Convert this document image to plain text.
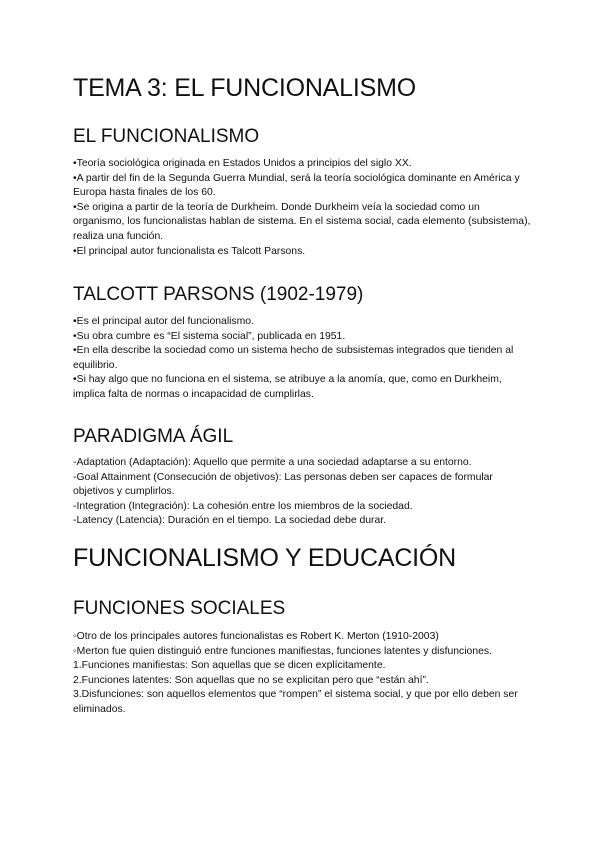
TEMA 3: EL FUNCIONALISMO
EL FUNCIONALISMO

•Teoría sociológica originada en Estados Unidos a principios del siglo XX.

•A partir del fin de la Segunda Guerra Mundial, será la teoría sociológica dominante en América y Europa hasta finales de los 60.

•Se origina a partir de la teoría de Durkheim. Donde Durkheim veía la sociedad como un organismo, los funcionalistas hablan de sistema. En el sistema social, cada elemento (subsistema), realiza una función.

•El principal autor funcionalista es Talcott Parsons.

TALCOTT PARSONS (1902-1979)

•Es el principal autor del funcionalismo.

•Su obra cumbre es “El sistema social”, publicada en 1951.

•En ella describe la sociedad como un sistema hecho de subsistemas integrados que tienden al equilibrio.

•Si hay algo que no funciona en el sistema, se atribuye a la anomía, que, como en Durkheim, implica falta de normas o incapacidad de cumplirlas.

PARADIGMA ÁGIL

-Adaptation (Adaptación): Aquello que permite a una sociedad adaptarse a su entorno.

-Goal Attainment (Consecución de objetivos): Las personas deben ser capaces de formular objetivos y cumplirlos.

-Integration (Integración): La cohesión entre los miembros de la sociedad.

-Latency (Latencia): Duración en el tiempo. La sociedad debe durar.

FUNCIONALISMO Y EDUCACIÓN
FUNCIONES SOCIALES

◦Otro de los principales autores funcionalistas es Robert K. Merton (1910-2003)

◦Merton fue quien distinguió entre funciones manifiestas, funciones latentes y disfunciones.

1.Funciones manifiestas: Son aquellas que se dicen explícitamente.

2.Funciones latentes: Son aquellas que no se explicitan pero que “están ahí”.

3.Disfunciones: son aquellos elementos que “rompen” el sistema social, y que por ello deben ser eliminados.
